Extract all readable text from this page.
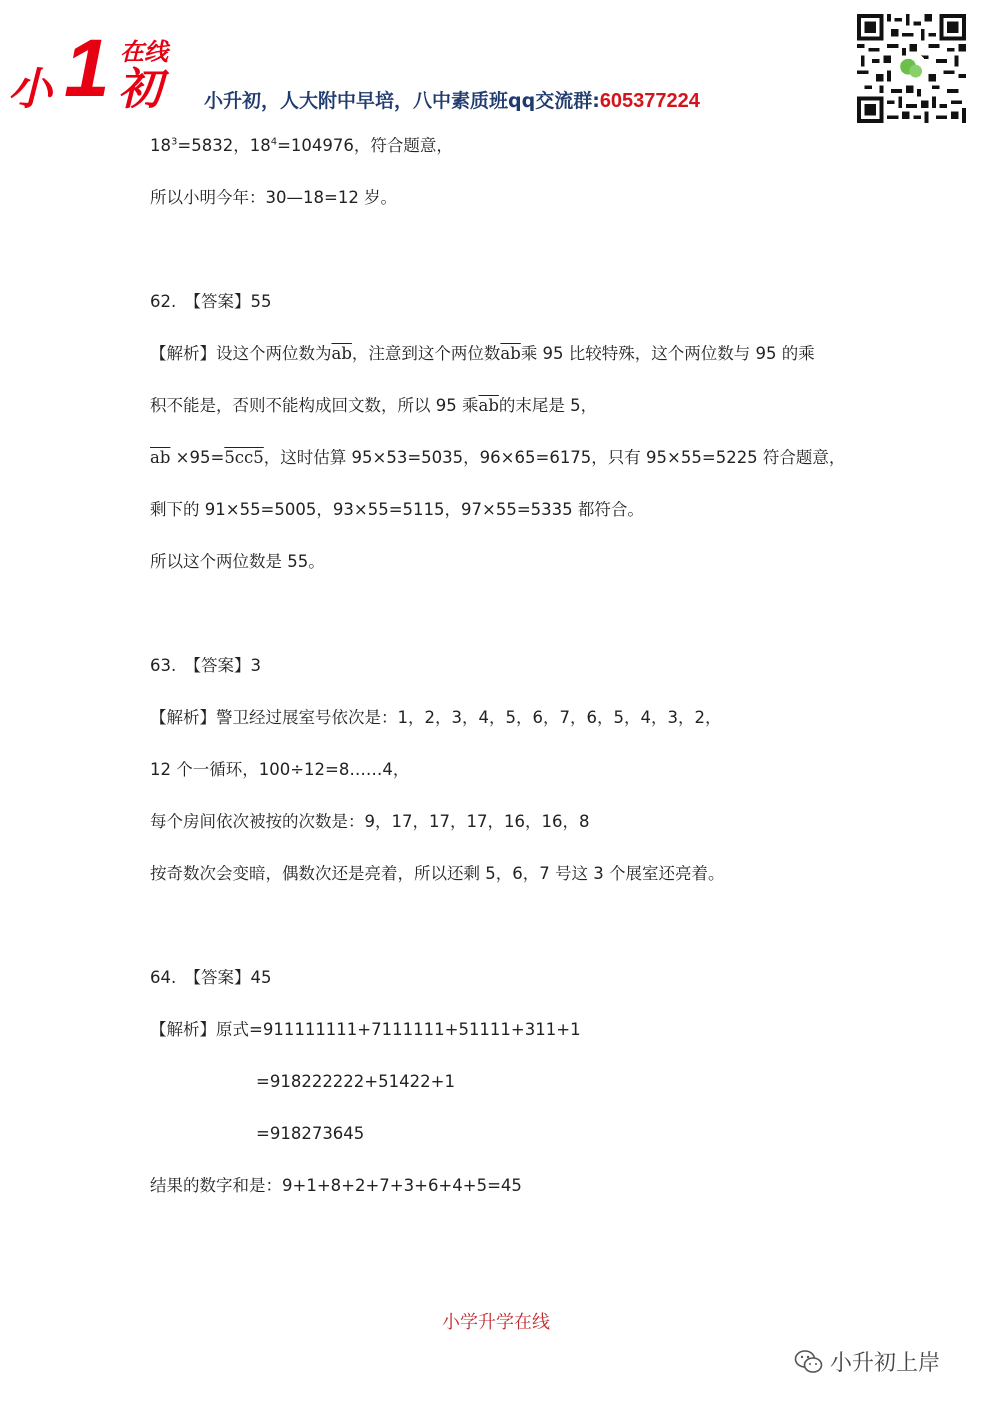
小 1 在线
初 小升初，人大附中早培，八中素质班qq交流群:605377224
$18^3=5832$，$18^4=104976$，符合题意，
所以小明今年：30—18=12 岁。
62.　【答案】55
【解析】设这个两位数为$\overline{ab}$，注意到这个两位数$\overline{ab}$乘 95 比较特殊，这个两位数与 95 的乘
积不能是，否则不能构成回文数，所以 95 乘$\overline{ab}$的末尾是 5，
$\overline{ab} \times 95=5cc5$，这时估算 95×53=5035，96×65=6175，只有 95×55=5225 符合题意，
剩下的 91×55=5005，93×55=5115，97×55=5335 都符合。
所以这个两位数是 55。
63.　【答案】3
【解析】警卫经过展室号依次是：1，2，3，4，5，6，7，6，5，4，3，2，
12 个一循环，100÷12=8……4，
每个房间依次被按的次数是：9，17，17，17，16，16，8
按奇数次会变暗，偶数次还是亮着，所以还剩 5，6，7 号这 3 个展室还亮着。
64.　【答案】45
【解析】原式=911111111+7111111+51111+311+1
=918222222+51422+1
=918273645
结果的数字和是：9+1+8+2+7+3+6+4+5=45
小学升学在线
小升初上岸
